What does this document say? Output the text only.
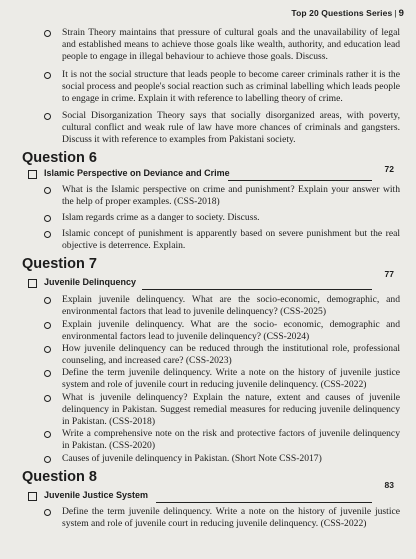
Top 20 Questions Series | 9
Strain Theory maintains that pressure of cultural goals and the unavailability of legal and established means to achieve those goals like wealth, authority, and education lead people to engage in illegal behaviour to achieve those goals. Discuss.
It is not the social structure that leads people to become career criminals rather it is the social process and people's social reaction such as criminal labelling which leads people to engage in crime. Explain it with reference to labelling theory of crime.
Social Disorganization Theory says that socially disorganized areas, with poverty, cultural conflict and weak rule of law have more chances of criminals and gangsters. Discuss it with reference to examples from Pakistani society.
Question 6
Islamic Perspective on Deviance and Crime	72
What is the Islamic perspective on crime and punishment? Explain your answer with the help of proper examples. (CSS-2018)
Islam regards crime as a danger to society. Discuss.
Islamic concept of punishment is apparently based on severe punishment but the real objective is deterrence. Explain.
Question 7
Juvenile Delinquency
77
Explain juvenile delinquency. What are the socio-economic, demographic, and environmental factors that lead to juvenile delinquency? (CSS-2025)
Explain juvenile delinquency. What are the socio- economic, demographic and environmental factors lead to juvenile delinquency? (CSS-2024)
How juvenile delinquency can be reduced through the institutional role, professional counseling, and increased care? (CSS-2023)
Define the term juvenile delinquency. Write a note on the history of juvenile justice system and role of juvenile court in reducing juvenile delinquency. (CSS-2022)
What is juvenile delinquency? Explain the nature, extent and causes of juvenile delinquency in Pakistan. Suggest remedial measures for reducing juvenile delinquency in Pakistan. (CSS-2018)
Write a comprehensive note on the risk and protective factors of juvenile delinquency in Pakistan. (CSS-2020)
Causes of juvenile delinquency in Pakistan. (Short Note CSS-2017)
Question 8
Juvenile Justice System
83
Define the term juvenile delinquency. Write a note on the history of juvenile justice system and role of juvenile court in reducing juvenile delinquency. (CSS-2022)
